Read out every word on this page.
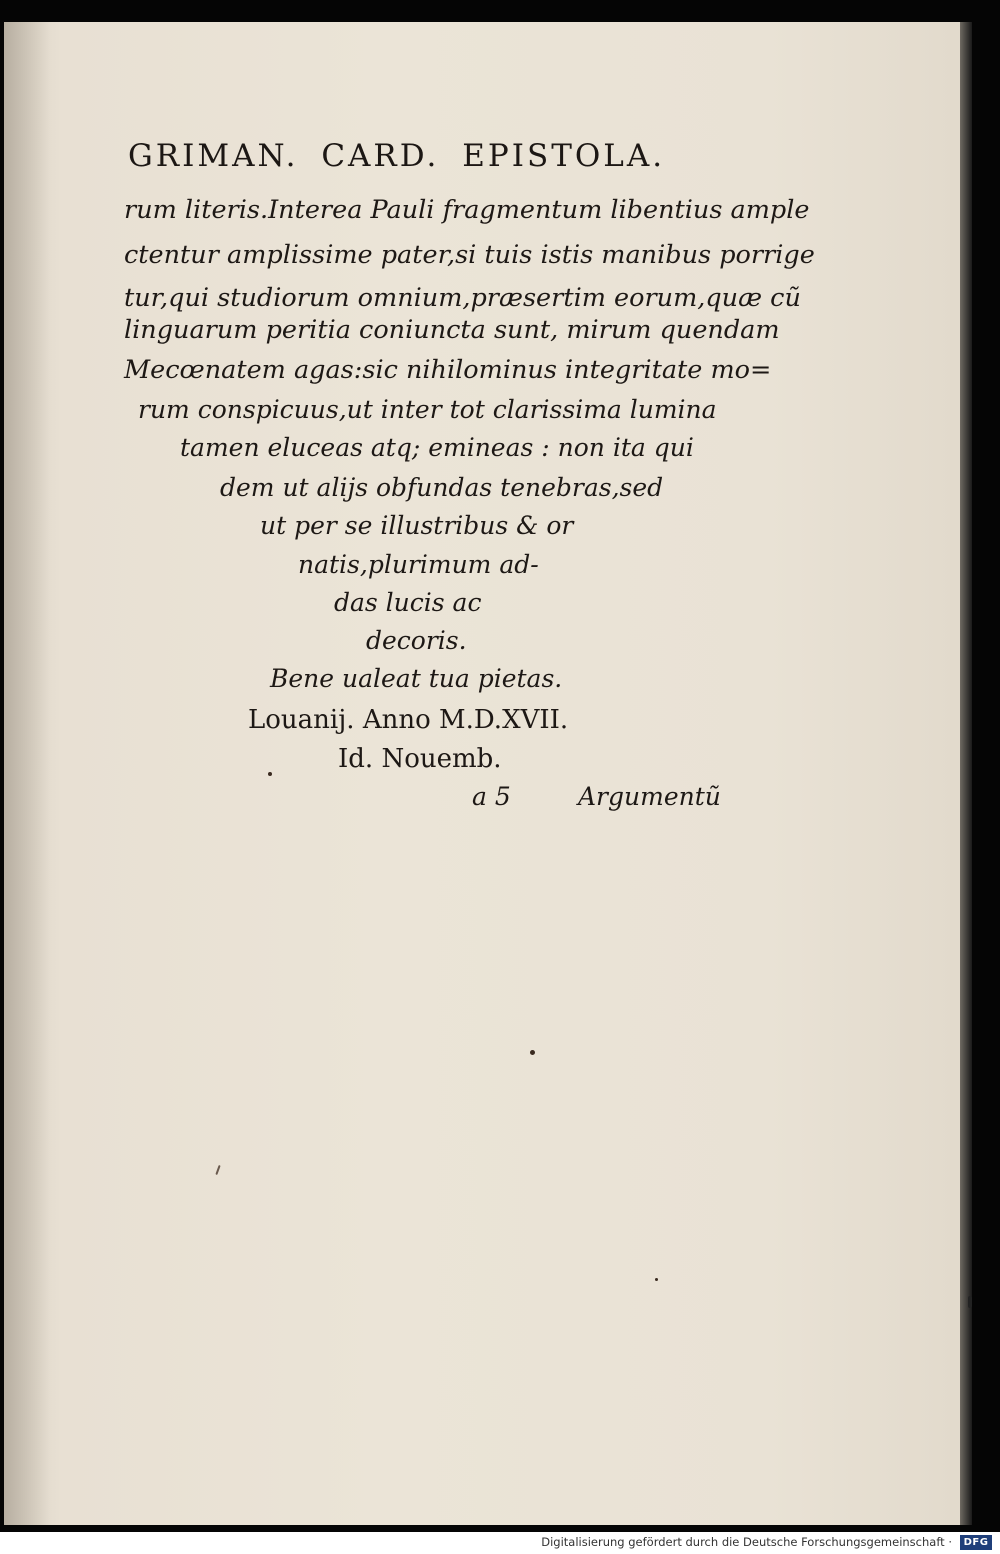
GRIMAN. CARD. EPISTOLA.
rum literis.Interea Pauli fragmentum libentius ample
ctentur amplissime pater,si tuis istis manibus porrige
tur,qui studiorum omnium,præsertim eorum,quæ cũ
linguarum peritia coniuncta sunt, mirum quendam
Mecœnatem agas:sic nihilominus integritate mo=
rum conspicuus,ut inter tot clarissima lumina
tamen eluceas atq; emineas : non ita qui
dem ut alijs obfundas tenebras,sed
ut per se illustribus & or
natis,plurimum ad-
das lucis ac
decoris.
Bene ualeat tua pietas.
Louanij. Anno M.D.XVII.
Id. Nouemb.
a 5	Argumentũ
Digitalisierung gefördert durch die Deutsche Forschungsgemeinschaft ·	DFG
